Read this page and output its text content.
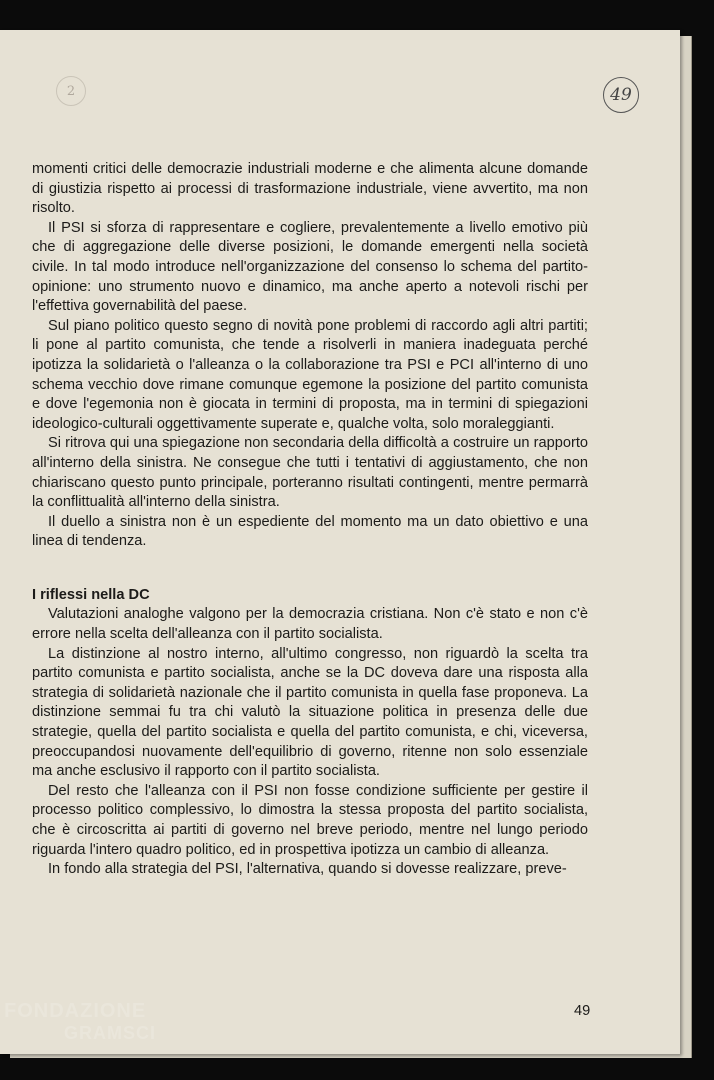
2	49

momenti critici delle democrazie industriali moderne e che alimenta alcune domande di giustizia rispetto ai processi di trasformazione industriale, viene avvertito, ma non risolto.

Il PSI si sforza di rappresentare e cogliere, prevalentemente a livello emotivo più che di aggregazione delle diverse posizioni, le domande emergenti nella società civile. In tal modo introduce nell'organizzazione del consenso lo schema del partito-opinione: uno strumento nuovo e dinamico, ma anche aperto a notevoli rischi per l'effettiva governabilità del paese.

Sul piano politico questo segno di novità pone problemi di raccordo agli altri partiti; li pone al partito comunista, che tende a risolverli in maniera inadeguata perché ipotizza la solidarietà o l'alleanza o la collaborazione tra PSI e PCI all'interno di uno schema vecchio dove rimane comunque egemone la posizione del partito comunista e dove l'egemonia non è giocata in termini di proposta, ma in termini di spiegazioni ideologico-culturali oggettivamente superate e, qualche volta, solo moraleggianti.

Si ritrova qui una spiegazione non secondaria della difficoltà a costruire un rapporto all'interno della sinistra. Ne consegue che tutti i tentativi di aggiustamento, che non chiariscano questo punto principale, porteranno risultati contingenti, mentre permarrà la conflittualità all'interno della sinistra.

Il duello a sinistra non è un espediente del momento ma un dato obiettivo e una linea di tendenza.

I riflessi nella DC

Valutazioni analoghe valgono per la democrazia cristiana. Non c'è stato e non c'è errore nella scelta dell'alleanza con il partito socialista.

La distinzione al nostro interno, all'ultimo congresso, non riguardò la scelta tra partito comunista e partito socialista, anche se la DC doveva dare una risposta alla strategia di solidarietà nazionale che il partito comunista in quella fase proponeva. La distinzione semmai fu tra chi valutò la situazione politica in presenza delle due strategie, quella del partito socialista e quella del partito comunista, e chi, viceversa, preoccupandosi nuovamente dell'equilibrio di governo, ritenne non solo essenziale ma anche esclusivo il rapporto con il partito socialista.

Del resto che l'alleanza con il PSI non fosse condizione sufficiente per gestire il processo politico complessivo, lo dimostra la stessa proposta del partito socialista, che è circoscritta ai partiti di governo nel breve periodo, mentre nel lungo periodo riguarda l'intero quadro politico, ed in prospettiva ipotizza un cambio di alleanza.

In fondo alla strategia del PSI, l'alternativa, quando si dovesse realizzare, preve-

49
FONDAZIONE
GRAMSCI
